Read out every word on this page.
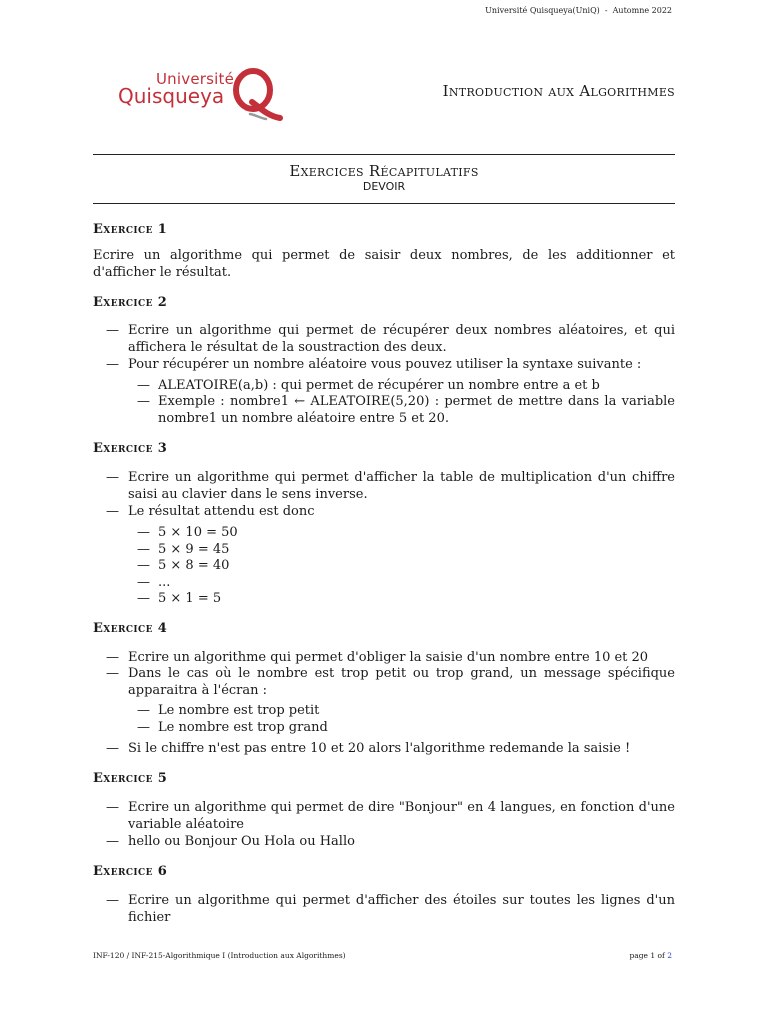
Université Quisqueya(UniQ) - Automne 2022
Université
Quisqueya	Introduction aux Algorithmes
Exercices Récapitulatifs
DEVOIR
Exercice 1
Ecrire un algorithme qui permet de saisir deux nombres, de les additionner et d'afficher le résultat.
Exercice 2
— Ecrire un algorithme qui permet de récupérer deux nombres aléatoires, et qui affichera le résultat de la soustraction des deux.
— Pour récupérer un nombre aléatoire vous pouvez utiliser la syntaxe suivante :
— ALEATOIRE(a,b) : qui permet de récupérer un nombre entre a et b
— Exemple : nombre1 ← ALEATOIRE(5,20) : permet de mettre dans la variable nombre1 un nombre aléatoire entre 5 et 20.
Exercice 3
— Ecrire un algorithme qui permet d'afficher la table de multiplication d'un chiffre saisi au clavier dans le sens inverse.
— Le résultat attendu est donc
— 5 × 10 = 50
— 5 × 9 = 45
— 5 × 8 = 40
— ...
— 5 × 1 = 5
Exercice 4
— Ecrire un algorithme qui permet d'obliger la saisie d'un nombre entre 10 et 20
— Dans le cas où le nombre est trop petit ou trop grand, un message spécifique apparaitra à l'écran :
— Le nombre est trop petit
— Le nombre est trop grand
— Si le chiffre n'est pas entre 10 et 20 alors l'algorithme redemande la saisie !
Exercice 5
— Ecrire un algorithme qui permet de dire "Bonjour" en 4 langues, en fonction d'une variable aléatoire
— hello ou Bonjour Ou Hola ou Hallo
Exercice 6
— Ecrire un algorithme qui permet d'afficher des étoiles sur toutes les lignes d'un fichier
INF-120 / INF-215-Algorithmique I (Introduction aux Algorithmes)	page 1 of 2
